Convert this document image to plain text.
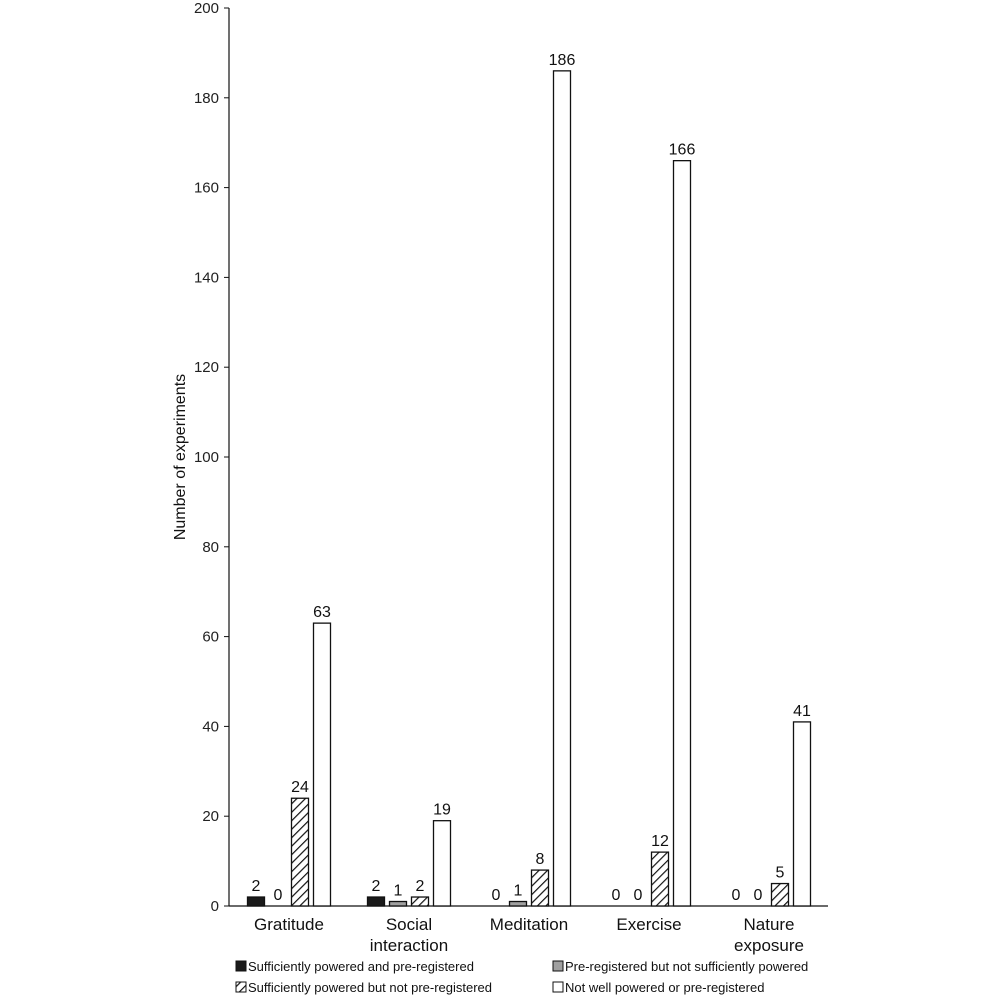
Number of experiments
0
20
40
60
80
100
120
140
160
180
200
2
0
24
63
Gratitude
2 1 2
19
Social
interaction
0 1
8
186
Meditation
0 0
12
166
Exercise
0 0
5
41
Nature
exposure
Sufficiently powered and pre-registered	Pre-registered but not sufficiently powered
Sufficiently powered but not pre-registered	Not well powered or pre-registered
